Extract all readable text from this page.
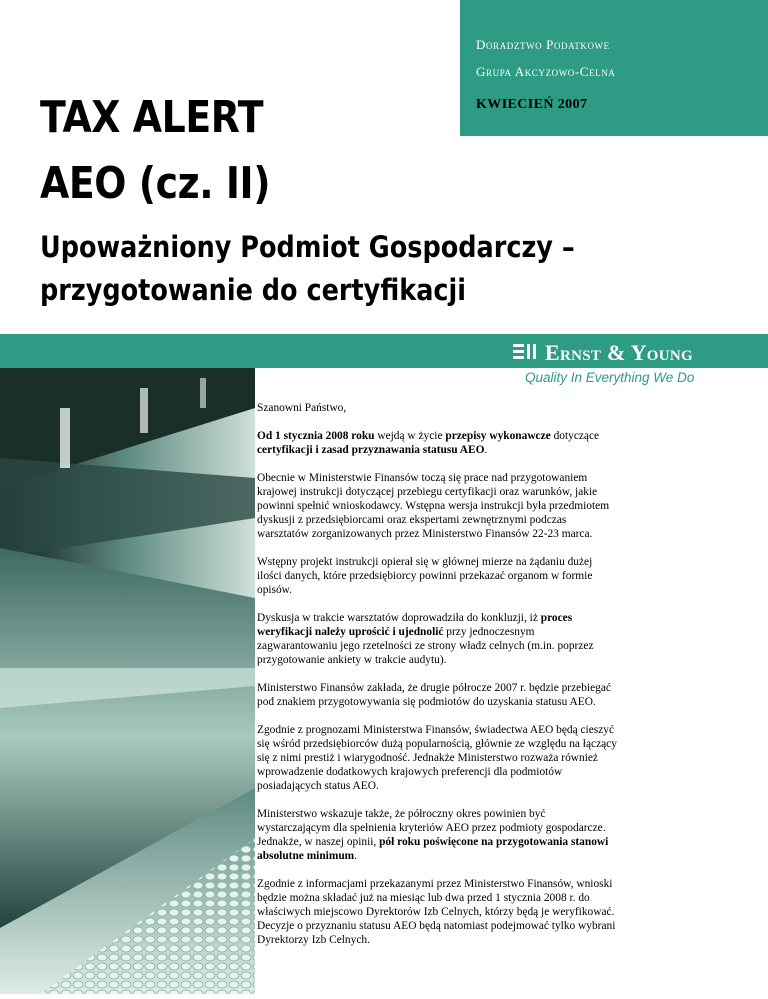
Doradztwo Podatkowe
Grupa Akcyzowo-Celna
KWIECIEŃ 2007
TAX ALERT
AEO (cz. II)
Upoważniony Podmiot Gospodarczy –
przygotowanie do certyfikacji
Ernst & Young
Quality In Everything We Do

Szanowni Państwo,

Od 1 stycznia 2008 roku wejdą w życie przepisy wykonawcze dotyczące certyfikacji i zasad przyznawania statusu AEO.

Obecnie w Ministerstwie Finansów toczą się prace nad przygotowaniem krajowej instrukcji dotyczącej przebiegu certyfikacji oraz warunków, jakie powinni spełnić wnioskodawcy. Wstępna wersja instrukcji była przedmiotem dyskusji z przedsiębiorcami oraz ekspertami zewnętrznymi podczas warsztatów zorganizowanych przez Ministerstwo Finansów 22-23 marca.

Wstępny projekt instrukcji opierał się w głównej mierze na żądaniu dużej ilości danych, które przedsiębiorcy powinni przekazać organom w formie opisów.

Dyskusja w trakcie warsztatów doprowadziła do konkluzji, iż proces weryfikacji należy uprościć i ujednolić przy jednoczesnym zagwarantowaniu jego rzetelności ze strony władz celnych (m.in. poprzez przygotowanie ankiety w trakcie audytu).

Ministerstwo Finansów zakłada, że drugie półrocze 2007 r. będzie przebiegać pod znakiem przygotowywania się podmiotów do uzyskania statusu AEO.

Zgodnie z prognozami Ministerstwa Finansów, świadectwa AEO będą cieszyć się wśród przedsiębiorców dużą popularnością, głównie ze względu na łączący się z nimi prestiż i wiarygodność. Jednakże Ministerstwo rozważa również wprowadzenie dodatkowych krajowych preferencji dla podmiotów posiadających status AEO.

Ministerstwo wskazuje także, że półroczny okres powinien być wystarczającym dla spełnienia kryteriów AEO przez podmioty gospodarcze. Jednakże, w naszej opinii, pół roku poświęcone na przygotowania stanowi absolutne minimum.

Zgodnie z informacjami przekazanymi przez Ministerstwo Finansów, wnioski będzie można składać już na miesiąc lub dwa przed 1 stycznia 2008 r. do właściwych miejscowo Dyrektorów Izb Celnych, którzy będą je weryfikować. Decyzje o przyznaniu statusu AEO będą natomiast podejmować tylko wybrani Dyrektorzy Izb Celnych.
